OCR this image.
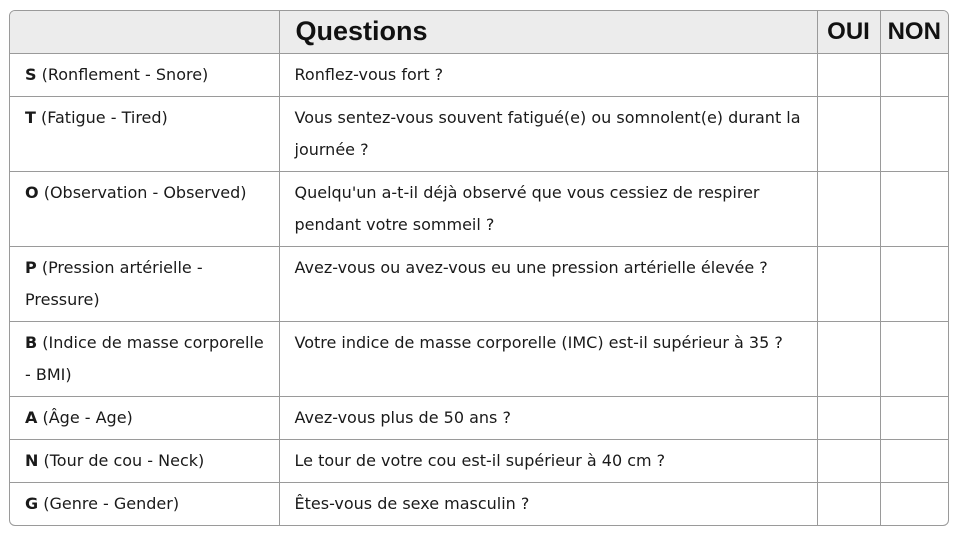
	Questions	OUI	NON
S (Ronflement - Snore)	Ronflez-vous fort ?		
T (Fatigue - Tired)	Vous sentez-vous souvent fatigué(e) ou somnolent(e) durant la journée ?		
O (Observation - Observed)	Quelqu'un a-t-il déjà observé que vous cessiez de respirer pendant votre sommeil ?		
P (Pression artérielle - Pressure)	Avez-vous ou avez-vous eu une pression artérielle élevée ?		
B (Indice de masse corporelle - BMI)	Votre indice de masse corporelle (IMC) est-il supérieur à 35 ?		
A (Âge - Age)	Avez-vous plus de 50 ans ?		
N (Tour de cou - Neck)	Le tour de votre cou est-il supérieur à 40 cm ?		
G (Genre - Gender)	Êtes-vous de sexe masculin ?		
